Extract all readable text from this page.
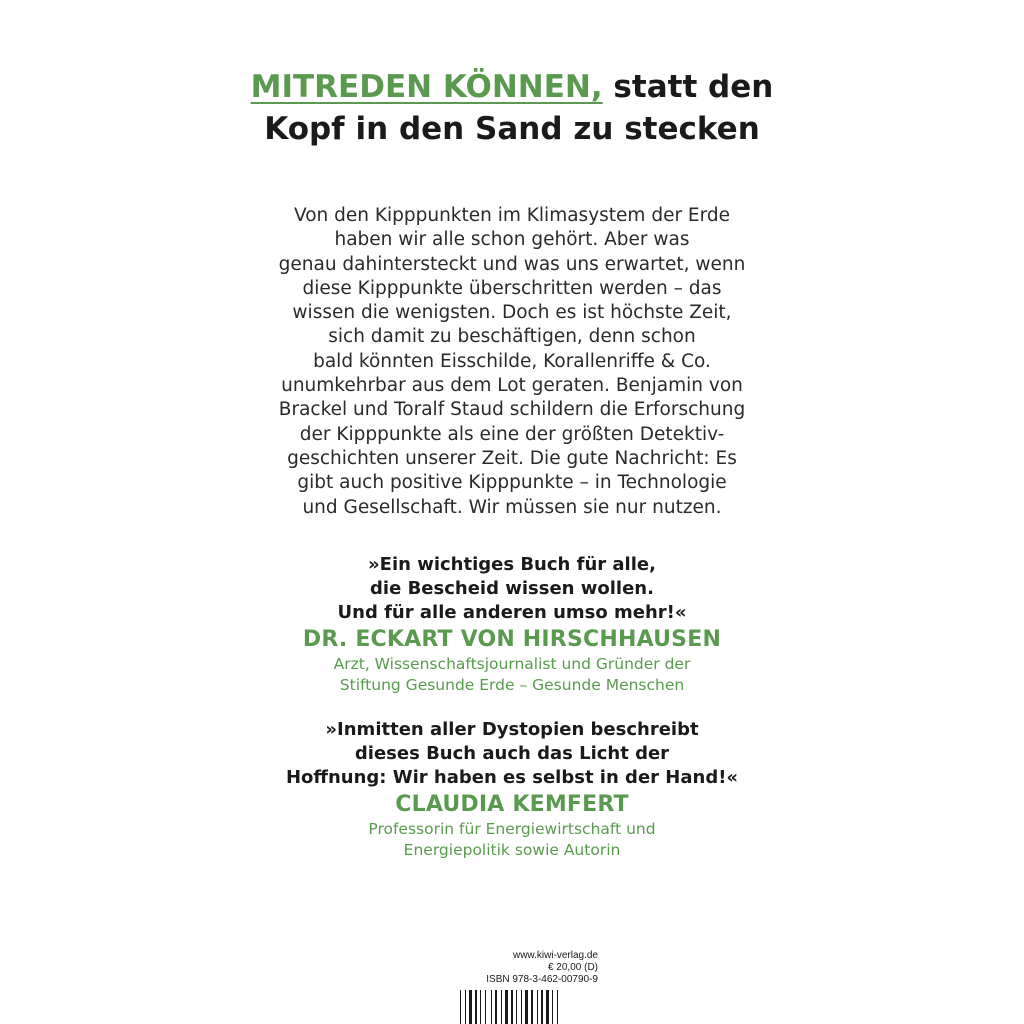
MITREDEN KÖNNEN, statt den
Kopf in den Sand zu stecken
Von den Kipppunkten im Klimasystem der Erde
haben wir alle schon gehört. Aber was
genau dahintersteckt und was uns erwartet, wenn
diese Kipppunkte überschritten werden – das
wissen die wenigsten. Doch es ist höchste Zeit,
sich damit zu beschäftigen, denn schon
bald könnten Eisschilde, Korallenriffe & Co.
unumkehrbar aus dem Lot geraten. Benjamin von
Brackel und Toralf Staud schildern die Erforschung
der Kipppunkte als eine der größten Detektiv-
geschichten unserer Zeit. Die gute Nachricht: Es
gibt auch positive Kipppunkte – in Technologie
und Gesellschaft. Wir müssen sie nur nutzen.
»Ein wichtiges Buch für alle,
die Bescheid wissen wollen.
Und für alle anderen umso mehr!«
DR. ECKART VON HIRSCHHAUSEN
Arzt, Wissenschaftsjournalist und Gründer der
Stiftung Gesunde Erde – Gesunde Menschen
»Inmitten aller Dystopien beschreibt
dieses Buch auch das Licht der
Hoffnung: Wir haben es selbst in der Hand!«
CLAUDIA KEMFERT
Professorin für Energiewirtschaft und
Energiepolitik sowie Autorin
www.kiwi-verlag.de
€ 20,00 (D)
ISBN 978-3-462-00790-9
